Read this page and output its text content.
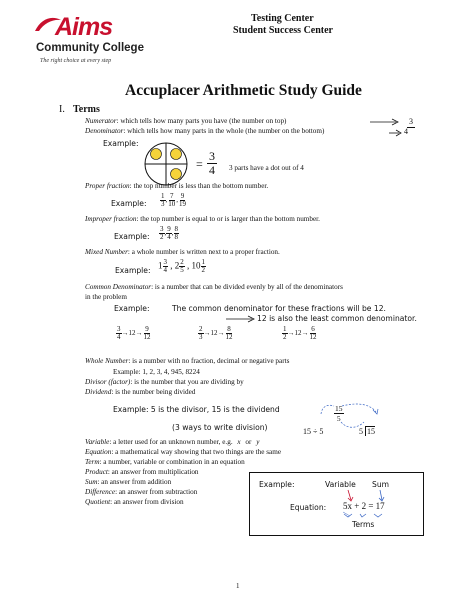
Aims
Community College
The right choice at every step
Testing Center
Student Success Center
Accuplacer Arithmetic Study Guide
I. Terms
Numerator: which tells how many parts you have (the number on top)	3
Denominator: which tells how many parts in the whole (the number on the bottom)	4
Example:
=
3
4 3 parts have a dot out of 4
Proper fraction: the top number is less than the bottom number.
Example: $\frac{1}{3}$ , $\frac{7}{10}$ , $\frac{9}{19}$
Improper fraction: the top number is equal to or is larger than the bottom number.
Example: $\frac{3}{2}$ , $\frac{9}{4}$ , $\frac{8}{8}$
Mixed Number: a whole number is written next to a proper fraction.
Example: $1 \frac{3}{4}$ , $2 \frac{2}{5}$ , $10 \frac{1}{2}$
Common Denominator: is a number that can be divided evenly by all of the denominators
in the problem
Example:	The common denominator for these fractions will be 12.
12 is also the least common denominator.
$\frac{3}{4} \to 12\to \frac{9}{12}$	$\frac{2}{3} \to 12\to \frac{8}{12}$	$\frac{1}{2} \to 12\to \frac{6}{12}$
Whole Number: is a number with no fraction, decimal or negative parts
Example: 1, 2, 3, 4, 945, 8224
Divisor (factor): is the number that you are dividing by
Dividend: is the number being divided
Example: 5 is the divisor, 15 is the dividend
(3 ways to write division)	15 ÷ 5
15
5
5 15
Variable: a letter used for an unknown number, e.g. x or y
Equation: a mathematical way showing that two things are the same
Term: a number, variable or combination in an equation
Product: an answer from multiplication
Sum: an answer from addition
Difference: an answer from subtraction
Quotient: an answer from division
Example:	Variable Sum
Equation: 5x + 2 = 17
Terms
1
